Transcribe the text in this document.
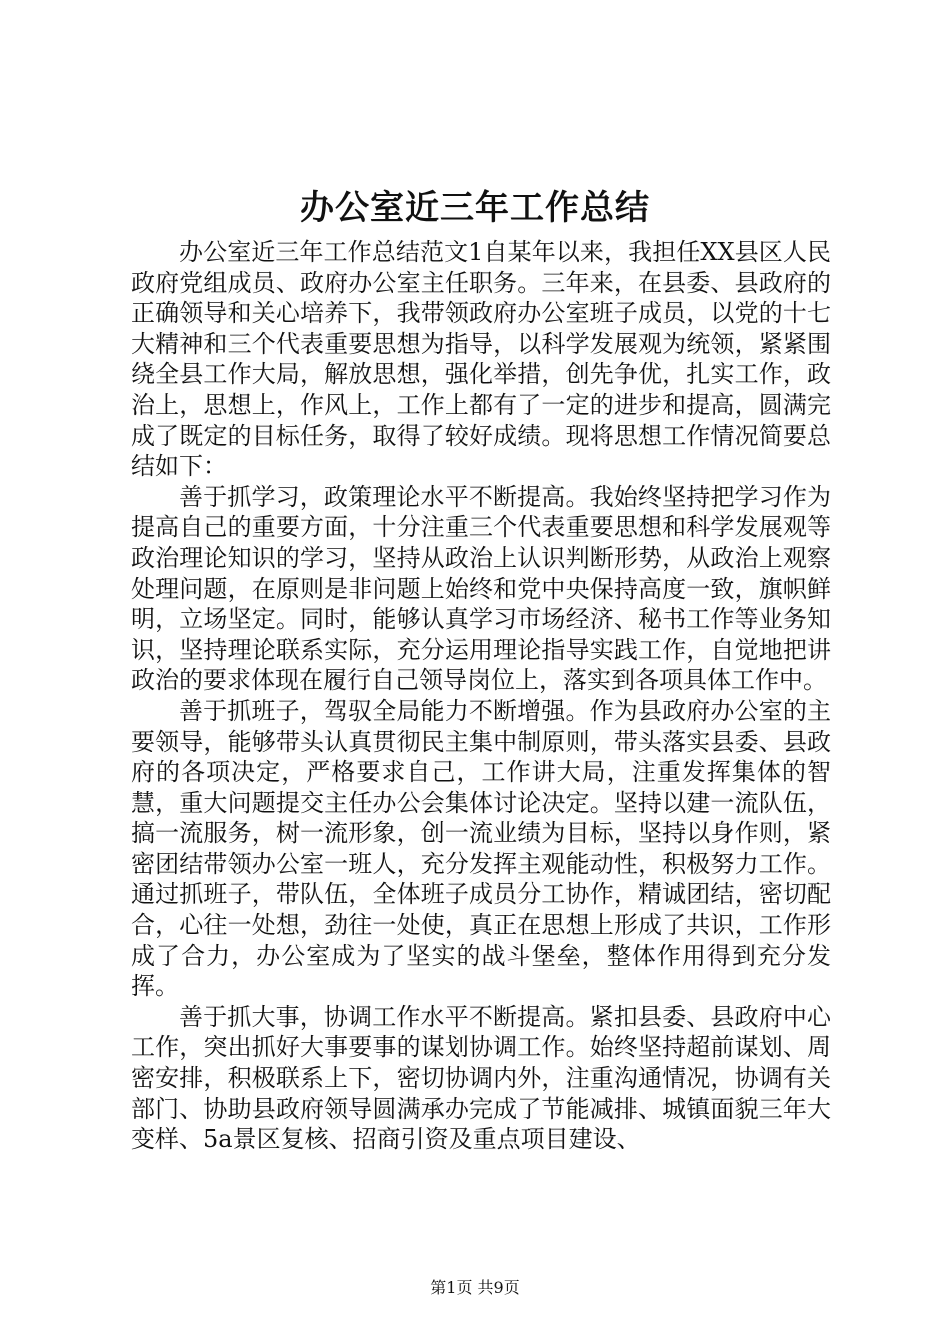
办公室近三年工作总结

办公室近三年工作总结范文1自某年以来，我担任XX县区人民政府党组成员、政府办公室主任职务。三年来，在县委、县政府的正确领导和关心培养下，我带领政府办公室班子成员，以党的十七大精神和三个代表重要思想为指导，以科学发展观为统领，紧紧围绕全县工作大局，解放思想，强化举措，创先争优，扎实工作，政治上，思想上，作风上，工作上都有了一定的进步和提高，圆满完成了既定的目标任务，取得了较好成绩。现将思想工作情况简要总结如下：

善于抓学习，政策理论水平不断提高。我始终坚持把学习作为提高自己的重要方面，十分注重三个代表重要思想和科学发展观等政治理论知识的学习，坚持从政治上认识判断形势，从政治上观察处理问题，在原则是非问题上始终和党中央保持高度一致，旗帜鲜明，立场坚定。同时，能够认真学习市场经济、秘书工作等业务知识，坚持理论联系实际，充分运用理论指导实践工作，自觉地把讲政治的要求体现在履行自己领导岗位上，落实到各项具体工作中。

善于抓班子，驾驭全局能力不断增强。作为县政府办公室的主要领导，能够带头认真贯彻民主集中制原则，带头落实县委、县政府的各项决定，严格要求自己，工作讲大局，注重发挥集体的智慧，重大问题提交主任办公会集体讨论决定。坚持以建一流队伍，搞一流服务，树一流形象，创一流业绩为目标，坚持以身作则，紧密团结带领办公室一班人，充分发挥主观能动性，积极努力工作。通过抓班子，带队伍，全体班子成员分工协作，精诚团结，密切配合，心往一处想，劲往一处使，真正在思想上形成了共识，工作形成了合力，办公室成为了坚实的战斗堡垒，整体作用得到充分发挥。

善于抓大事，协调工作水平不断提高。紧扣县委、县政府中心工作，突出抓好大事要事的谋划协调工作。始终坚持超前谋划、周密安排，积极联系上下，密切协调内外，注重沟通情况，协调有关部门、协助县政府领导圆满承办完成了节能减排、城镇面貌三年大变样、5a景区复核、招商引资及重点项目建设、

第1页 共9页
